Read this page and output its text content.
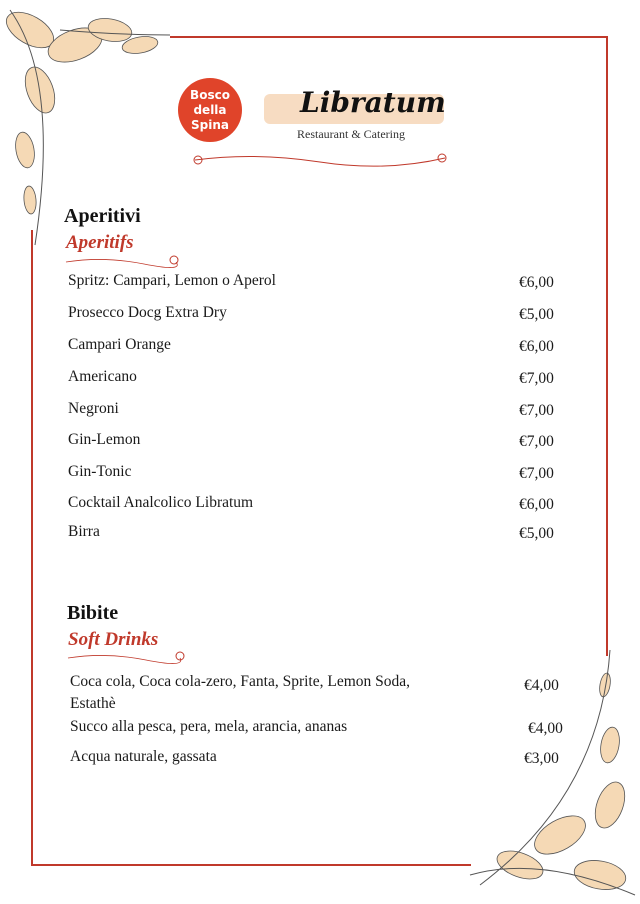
Bosco della Spina
Libratum
Restaurant & Catering
Aperitivi
Aperitifs
Spritz: Campari, Lemon o Aperol	€6,00
Prosecco Docg Extra Dry	€5,00
Campari Orange	€6,00
Americano	€7,00
Negroni	€7,00
Gin-Lemon	€7,00
Gin-Tonic	€7,00
Cocktail Analcolico Libratum	€6,00
Birra	€5,00
Bibite
Soft Drinks
Coca cola, Coca cola-zero, Fanta, Sprite, Lemon Soda,
Estathè
€4,00
Succo alla pesca, pera, mela, arancia, ananas	€4,00
Acqua naturale, gassata	€3,00
